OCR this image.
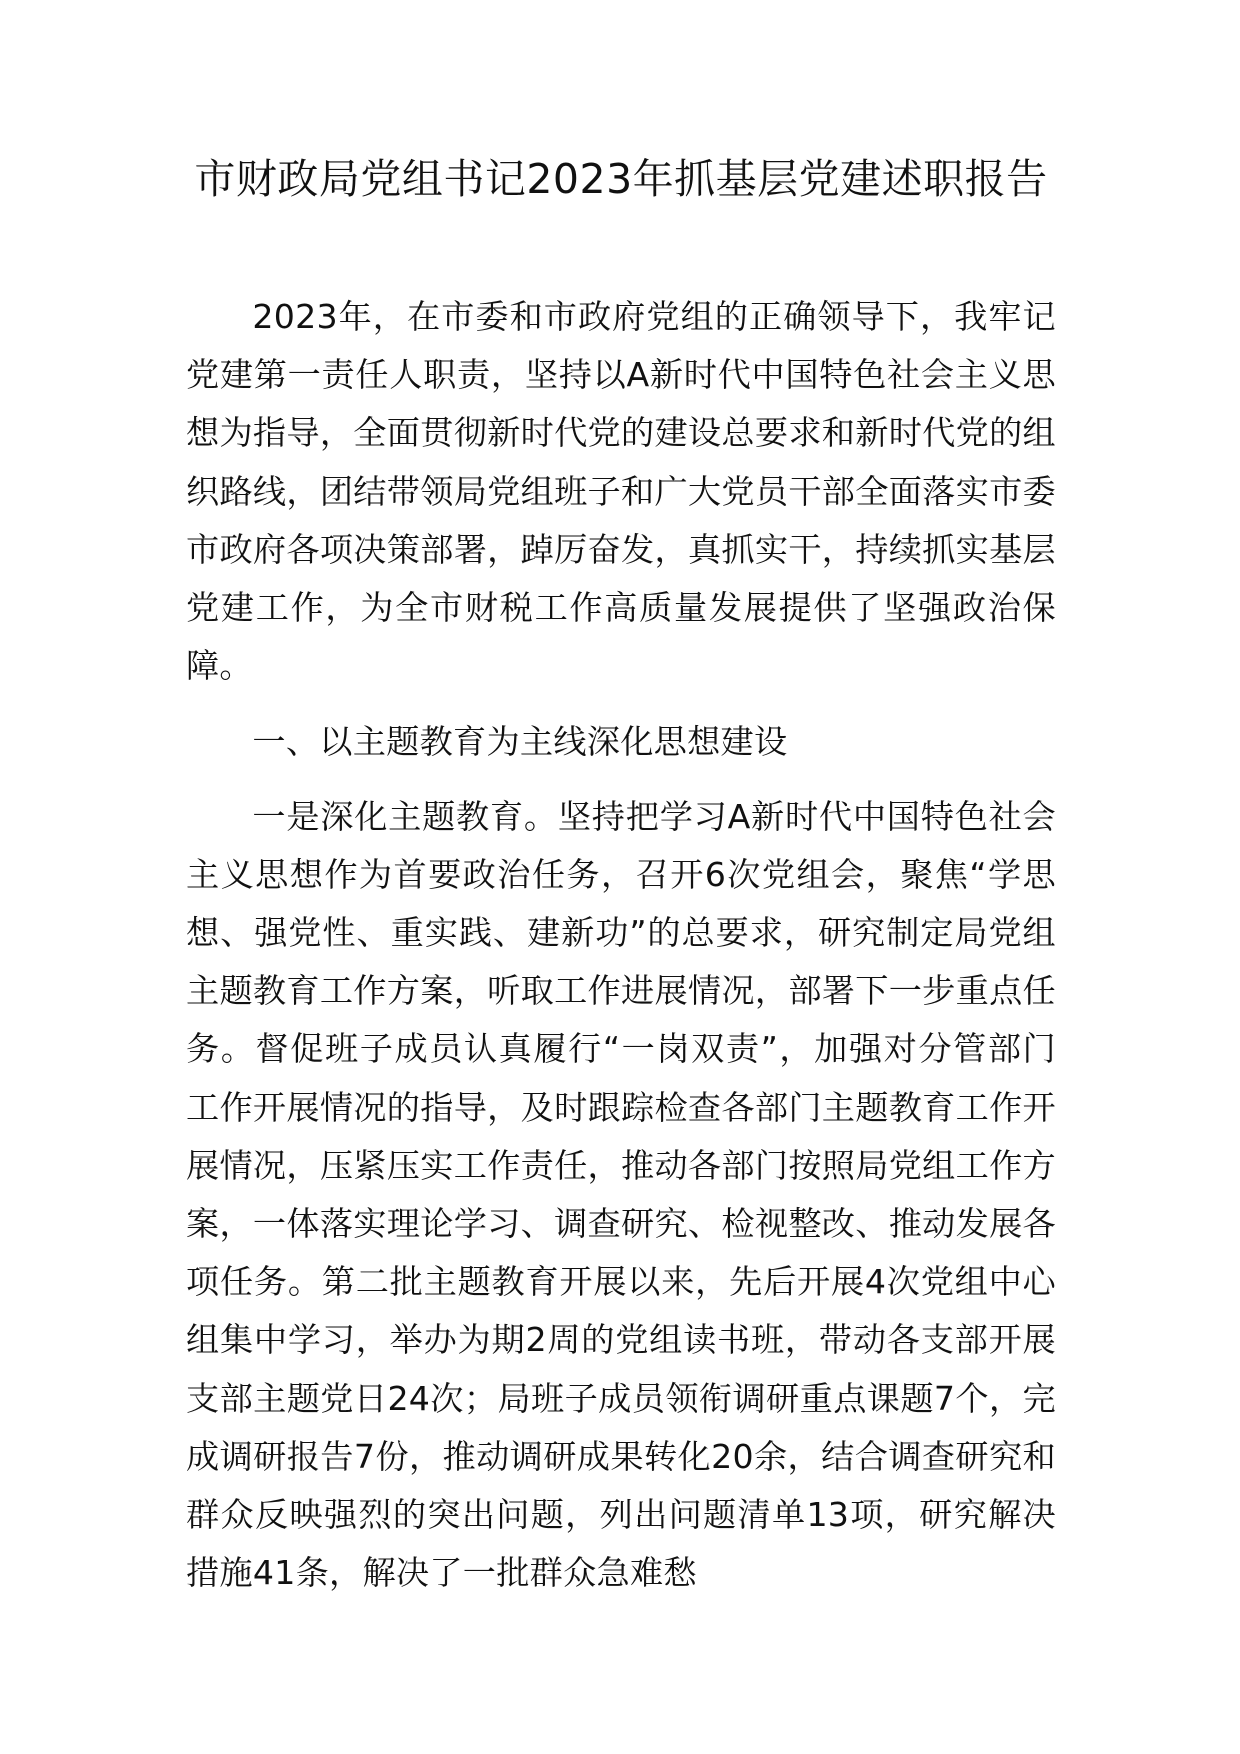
市财政局党组书记2023年抓基层党建述职报告

2023年，在市委和市政府党组的正确领导下，我牢记党建第一责任人职责，坚持以A新时代中国特色社会主义思想为指导，全面贯彻新时代党的建设总要求和新时代党的组织路线，团结带领局党组班子和广大党员干部全面落实市委市政府各项决策部署，踔厉奋发，真抓实干，持续抓实基层党建工作，为全市财税工作高质量发展提供了坚强政治保障。

一、以主题教育为主线深化思想建设

一是深化主题教育。坚持把学习A新时代中国特色社会主义思想作为首要政治任务，召开6次党组会，聚焦“学思想、强党性、重实践、建新功”的总要求，研究制定局党组主题教育工作方案，听取工作进展情况，部署下一步重点任务。督促班子成员认真履行“一岗双责”，加强对分管部门工作开展情况的指导，及时跟踪检查各部门主题教育工作开展情况，压紧压实工作责任，推动各部门按照局党组工作方案，一体落实理论学习、调查研究、检视整改、推动发展各项任务。第二批主题教育开展以来，先后开展4次党组中心组集中学习，举办为期2周的党组读书班，带动各支部开展支部主题党日24次；局班子成员领衔调研重点课题7个，完成调研报告7份，推动调研成果转化20余，结合调查研究和群众反映强烈的突出问题，列出问题清单13项，研究解决措施41条，解决了一批群众急难愁
